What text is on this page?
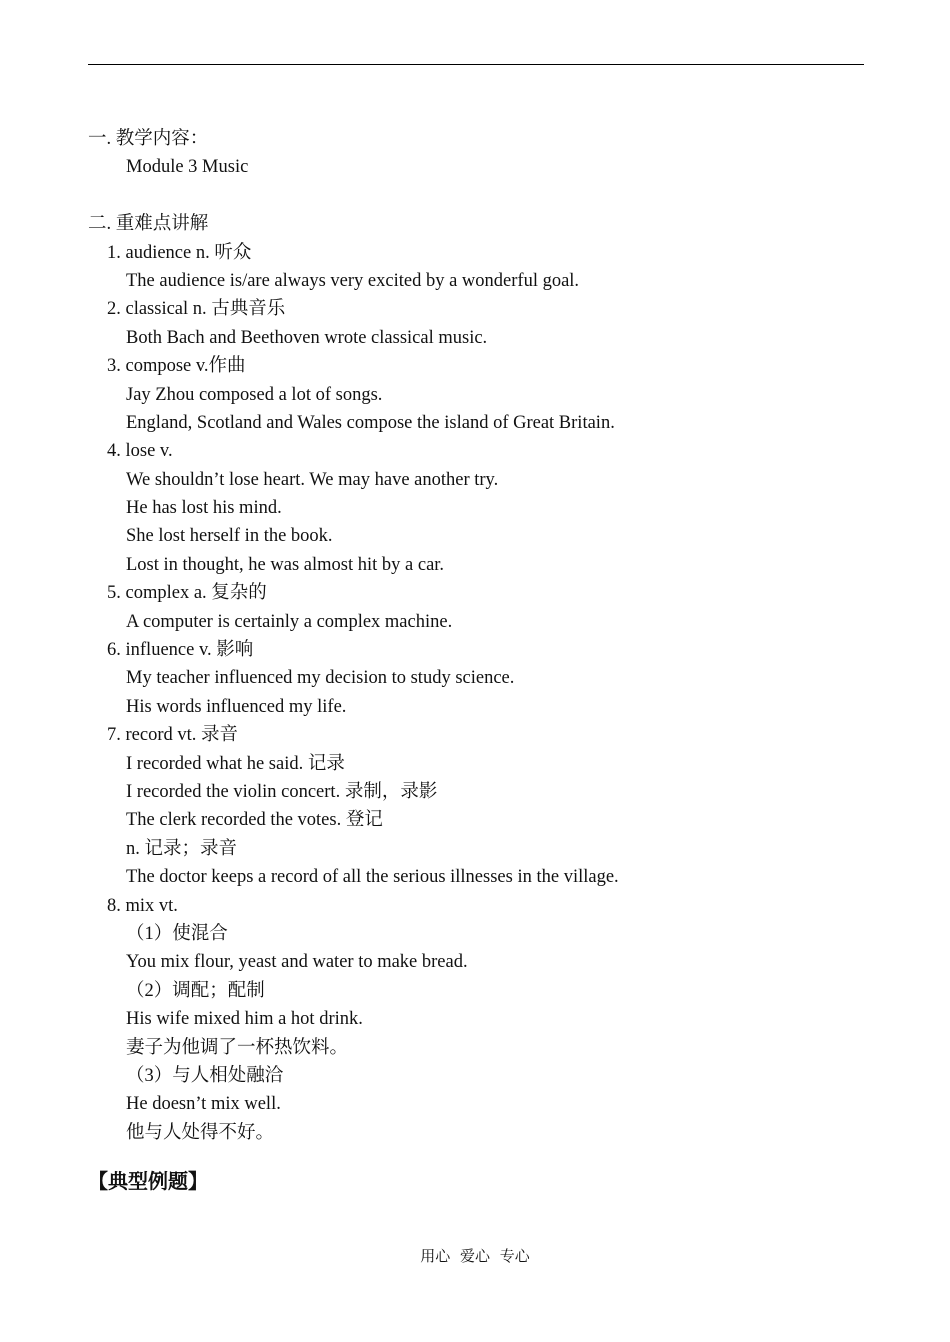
一. 教学内容：
Module 3 Music
二. 重难点讲解
1. audience n. 听众
The audience is/are always very excited by a wonderful goal.
2. classical n. 古典音乐
Both Bach and Beethoven wrote classical music.
3. compose v.作曲
Jay Zhou composed a lot of songs.
England, Scotland and Wales compose the island of Great Britain.
4. lose v.
We shouldn’t lose heart. We may have another try.
He has lost his mind.
She lost herself in the book.
Lost in thought, he was almost hit by a car.
5. complex a. 复杂的
A computer is certainly a complex machine.
6. influence v. 影响
My teacher influenced my decision to study science.
His words influenced my life.
7. record vt. 录音
I recorded what he said. 记录
I recorded the violin concert. 录制，录影
The clerk recorded the votes. 登记
n. 记录；录音
The doctor keeps a record of all the serious illnesses in the village.
8. mix vt.
（1）使混合
You mix flour, yeast and water to make bread.
（2）调配；配制
His wife mixed him a hot drink.
妻子为他调了一杯热饮料。
（3）与人相处融洽
He doesn’t mix well.
他与人处得不好。
【典型例题】
用心 爱心 专心
